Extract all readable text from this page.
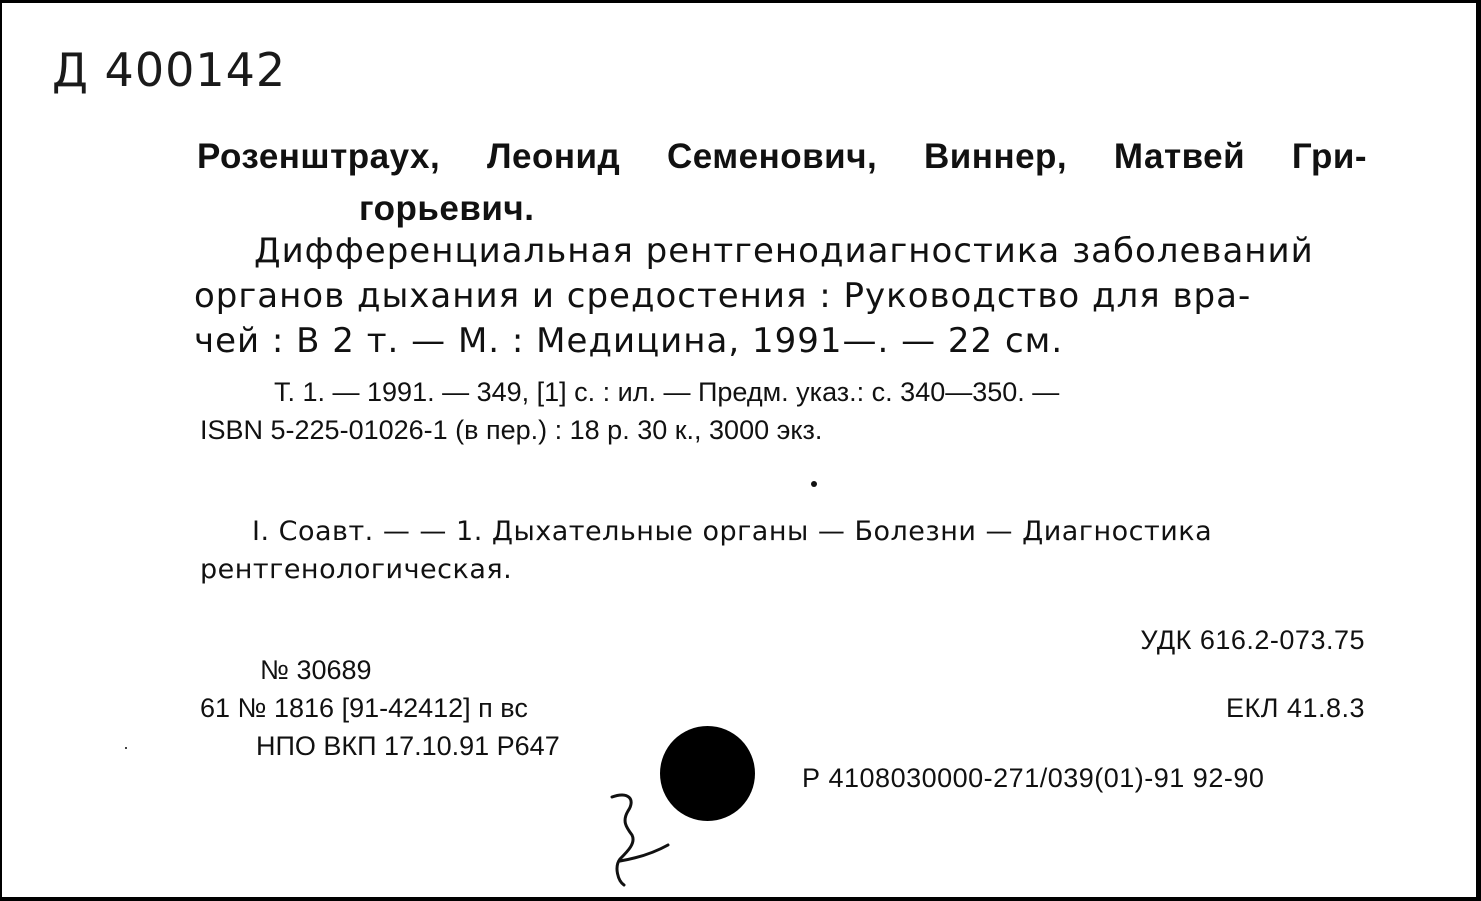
Д 400142
Розенштраух, Леонид Семенович, Виннер, Матвей Гри-
горьевич.
Дифференциальная рентгенодиагностика заболеваний
органов дыхания и средостения : Руководство для вра-
чей : В 2 т. — М. : Медицина, 1991—. — 22 см.
Т. 1. — 1991. — 349, [1] с. : ил. — Предм. указ.: с. 340—350. —
ISBN 5-225-01026-1 (в пер.) : 18 р. 30 к., 3000 экз.
I. Соавт. — — 1. Дыхательные органы — Болезни — Диагностика
рентгенологическая.
УДК 616.2-073.75
ЕКЛ 41.8.3
№ 30689
61 № 1816 [91-42412] п вс
НПО ВКП 17.10.91 Р647
Р 4108030000-271/039(01)-91 92-90
